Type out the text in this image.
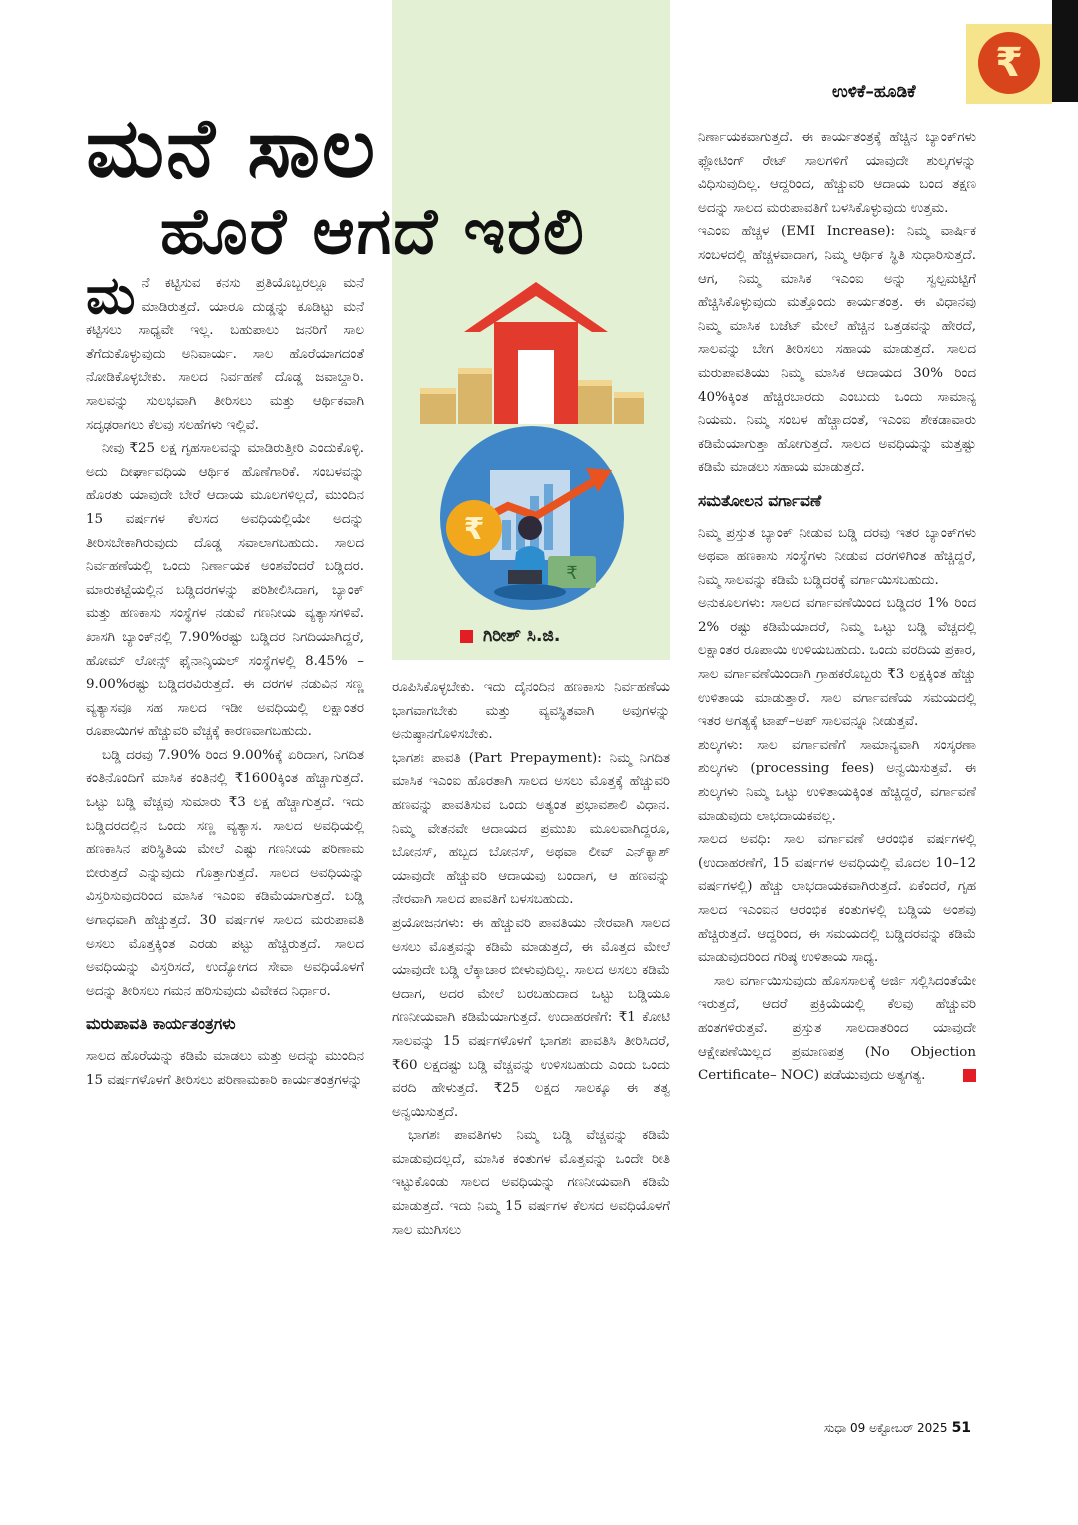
₹
ಉಳಿಕೆ–ಹೂಡಿಕೆ
ಮನೆ ಸಾಲ
ಹೊರೆ ಆಗದೆ ಇರಲಿ
₹
₹
ಗಿರೀಶ್ ಸಿ.ಜಿ.

ಮನೆ ಕಟ್ಟಿಸುವ ಕನಸು ಪ್ರತಿಯೊಬ್ಬರಲ್ಲೂ ಮನೆ ಮಾಡಿರುತ್ತದೆ. ಯಾರೂ ದುಡ್ಡನ್ನು ಕೂಡಿಟ್ಟು ಮನೆ ಕಟ್ಟಿಸಲು ಸಾಧ್ಯವೇ ಇಲ್ಲ. ಬಹುಪಾಲು ಜನರಿಗೆ ಸಾಲ ತೆಗೆದುಕೊಳ್ಳುವುದು ಅನಿವಾರ್ಯ. ಸಾಲ ಹೊರೆಯಾಗದಂತೆ ನೋಡಿಕೊಳ್ಳಬೇಕು. ಸಾಲದ ನಿರ್ವಹಣೆ ದೊಡ್ಡ ಜವಾಬ್ದಾರಿ. ಸಾಲವನ್ನು ಸುಲಭವಾಗಿ ತೀರಿಸಲು ಮತ್ತು ಆರ್ಥಿಕವಾಗಿ ಸದೃಢರಾಗಲು ಕೆಲವು ಸಲಹೆಗಳು ಇಲ್ಲಿವೆ.

ನೀವು ₹25 ಲಕ್ಷ ಗೃಹಸಾಲವನ್ನು ಮಾಡಿರುತ್ತೀರಿ ಎಂದುಕೊಳ್ಳಿ. ಅದು ದೀರ್ಘಾವಧಿಯ ಆರ್ಥಿಕ ಹೊಣೆಗಾರಿಕೆ. ಸಂಬಳವನ್ನು ಹೊರತು ಯಾವುದೇ ಬೇರೆ ಆದಾಯ ಮೂಲಗಳಿಲ್ಲದೆ, ಮುಂದಿನ 15 ವರ್ಷಗಳ ಕೆಲಸದ ಅವಧಿಯಲ್ಲಿಯೇ ಅದನ್ನು ತೀರಿಸಬೇಕಾಗಿರುವುದು ದೊಡ್ಡ ಸವಾಲಾಗಬಹುದು. ಸಾಲದ ನಿರ್ವಹಣೆಯಲ್ಲಿ ಒಂದು ನಿರ್ಣಾಯಕ ಅಂಶವೆಂದರೆ ಬಡ್ಡಿದರ. ಮಾರುಕಟ್ಟೆಯಲ್ಲಿನ ಬಡ್ಡಿದರಗಳನ್ನು ಪರಿಶೀಲಿಸಿದಾಗ, ಬ್ಯಾಂಕ್ ಮತ್ತು ಹಣಕಾಸು ಸಂಸ್ಥೆಗಳ ನಡುವೆ ಗಣನೀಯ ವ್ಯತ್ಯಾಸಗಳಿವೆ. ಖಾಸಗಿ ಬ್ಯಾಂಕ್‌ನಲ್ಲಿ 7.90%ರಷ್ಟು ಬಡ್ಡಿದರ ನಿಗದಿಯಾಗಿದ್ದರೆ, ಹೋಮ್ ಲೋನ್ಸ್ ಫೈನಾನ್ಶಿಯಲ್ ಸಂಸ್ಥೆಗಳಲ್ಲಿ 8.45% –9.00%ರಷ್ಟು ಬಡ್ಡಿದರವಿರುತ್ತದೆ. ಈ ದರಗಳ ನಡುವಿನ ಸಣ್ಣ ವ್ಯತ್ಯಾಸವೂ ಸಹ ಸಾಲದ ಇಡೀ ಅವಧಿಯಲ್ಲಿ ಲಕ್ಷಾಂತರ ರೂಪಾಯಿಗಳ ಹೆಚ್ಚುವರಿ ವೆಚ್ಚಕ್ಕೆ ಕಾರಣವಾಗಬಹುದು.

ಬಡ್ಡಿ ದರವು 7.90% ರಿಂದ 9.00%ಕ್ಕೆ ಏರಿದಾಗ, ನಿಗದಿತ ಕಂತಿನೊಂದಿಗೆ ಮಾಸಿಕ ಕಂತಿನಲ್ಲಿ ₹1600ಕ್ಕಿಂತ ಹೆಚ್ಚಾಗುತ್ತದೆ. ಒಟ್ಟು ಬಡ್ಡಿ ವೆಚ್ಚವು ಸುಮಾರು ₹3 ಲಕ್ಷ ಹೆಚ್ಚಾಗುತ್ತದೆ. ಇದು ಬಡ್ಡಿದರದಲ್ಲಿನ ಒಂದು ಸಣ್ಣ ವ್ಯತ್ಯಾಸ. ಸಾಲದ ಅವಧಿಯಲ್ಲಿ ಹಣಕಾಸಿನ ಪರಿಸ್ಥಿತಿಯ ಮೇಲೆ ಎಷ್ಟು ಗಣನೀಯ ಪರಿಣಾಮ ಬೀರುತ್ತದೆ ಎನ್ನುವುದು ಗೊತ್ತಾಗುತ್ತದೆ. ಸಾಲದ ಅವಧಿಯನ್ನು ವಿಸ್ತರಿಸುವುದರಿಂದ ಮಾಸಿಕ ಇಎಂಐ ಕಡಿಮೆಯಾಗುತ್ತದೆ. ಬಡ್ಡಿ ಅಗಾಧವಾಗಿ ಹೆಚ್ಚುತ್ತದೆ. 30 ವರ್ಷಗಳ ಸಾಲದ ಮರುಪಾವತಿ ಅಸಲು ಮೊತ್ತಕ್ಕಿಂತ ಎರಡು ಪಟ್ಟು ಹೆಚ್ಚಿರುತ್ತದೆ. ಸಾಲದ ಅವಧಿಯನ್ನು ವಿಸ್ತರಿಸದೆ, ಉದ್ಯೋಗದ ಸೇವಾ ಅವಧಿಯೊಳಗೆ ಅದನ್ನು ತೀರಿಸಲು ಗಮನ ಹರಿಸುವುದು ವಿವೇಕದ ನಿರ್ಧಾರ.

ಮರುಪಾವತಿ ಕಾರ್ಯತಂತ್ರಗಳು

ಸಾಲದ ಹೊರೆಯನ್ನು ಕಡಿಮೆ ಮಾಡಲು ಮತ್ತು ಅದನ್ನು ಮುಂದಿನ 15 ವರ್ಷಗಳೊಳಗೆ ತೀರಿಸಲು ಪರಿಣಾಮಕಾರಿ ಕಾರ್ಯತಂತ್ರಗಳನ್ನು

ರೂಪಿಸಿಕೊಳ್ಳಬೇಕು. ಇದು ದೈನಂದಿನ ಹಣಕಾಸು ನಿರ್ವಹಣೆಯ ಭಾಗವಾಗಬೇಕು ಮತ್ತು ವ್ಯವಸ್ಥಿತವಾಗಿ ಅವುಗಳನ್ನು ಅನುಷ್ಠಾನಗೊಳಿಸಬೇಕು.

ಭಾಗಶಃ ಪಾವತಿ (Part Prepayment): ನಿಮ್ಮ ನಿಗದಿತ ಮಾಸಿಕ ಇಎಂಐ ಹೊರತಾಗಿ ಸಾಲದ ಅಸಲು ಮೊತ್ತಕ್ಕೆ ಹೆಚ್ಚುವರಿ ಹಣವನ್ನು ಪಾವತಿಸುವ ಒಂದು ಅತ್ಯಂತ ಪ್ರಭಾವಶಾಲಿ ವಿಧಾನ. ನಿಮ್ಮ ವೇತನವೇ ಆದಾಯದ ಪ್ರಮುಖ ಮೂಲವಾಗಿದ್ದರೂ, ಬೋನಸ್, ಹಬ್ಬದ ಬೋನಸ್, ಅಥವಾ ಲೀವ್ ಎನ್‌ಕ್ಯಾಶ್ ಯಾವುದೇ ಹೆಚ್ಚುವರಿ ಆದಾಯವು ಬಂದಾಗ, ಆ ಹಣವನ್ನು ನೇರವಾಗಿ ಸಾಲದ ಪಾವತಿಗೆ ಬಳಸಬಹುದು.

ಪ್ರಯೋಜನಗಳು: ಈ ಹೆಚ್ಚುವರಿ ಪಾವತಿಯು ನೇರವಾಗಿ ಸಾಲದ ಅಸಲು ಮೊತ್ತವನ್ನು ಕಡಿಮೆ ಮಾಡುತ್ತದೆ, ಈ ಮೊತ್ತದ ಮೇಲೆ ಯಾವುದೇ ಬಡ್ಡಿ ಲೆಕ್ಕಾಚಾರ ಬೀಳುವುದಿಲ್ಲ. ಸಾಲದ ಅಸಲು ಕಡಿಮೆ ಆದಾಗ, ಅದರ ಮೇಲೆ ಬರಬಹುದಾದ ಒಟ್ಟು ಬಡ್ಡಿಯೂ ಗಣನೀಯವಾಗಿ ಕಡಿಮೆಯಾಗುತ್ತದೆ. ಉದಾಹರಣೆಗೆ: ₹1 ಕೋಟಿ ಸಾಲವನ್ನು 15 ವರ್ಷಗಳೊಳಗೆ ಭಾಗಶಃ ಪಾವತಿಸಿ ತೀರಿಸಿದರೆ, ₹60 ಲಕ್ಷದಷ್ಟು ಬಡ್ಡಿ ವೆಚ್ಚವನ್ನು ಉಳಿಸಬಹುದು ಎಂದು ಒಂದು ವರದಿ ಹೇಳುತ್ತದೆ. ₹25 ಲಕ್ಷದ ಸಾಲಕ್ಕೂ ಈ ತತ್ವ ಅನ್ವಯಿಸುತ್ತದೆ.

ಭಾಗಶಃ ಪಾವತಿಗಳು ನಿಮ್ಮ ಬಡ್ಡಿ ವೆಚ್ಚವನ್ನು ಕಡಿಮೆ ಮಾಡುವುದಲ್ಲದೆ, ಮಾಸಿಕ ಕಂತುಗಳ ಮೊತ್ತವನ್ನು ಒಂದೇ ರೀತಿ ಇಟ್ಟುಕೊಂಡು ಸಾಲದ ಅವಧಿಯನ್ನು ಗಣನೀಯವಾಗಿ ಕಡಿಮೆ ಮಾಡುತ್ತದೆ. ಇದು ನಿಮ್ಮ 15 ವರ್ಷಗಳ ಕೆಲಸದ ಅವಧಿಯೊಳಗೆ ಸಾಲ ಮುಗಿಸಲು

ನಿರ್ಣಾಯಕವಾಗುತ್ತದೆ. ಈ ಕಾರ್ಯತಂತ್ರಕ್ಕೆ ಹೆಚ್ಚಿನ ಬ್ಯಾಂಕ್‌ಗಳು ಫ್ಲೋಟಿಂಗ್ ರೇಟ್ ಸಾಲಗಳಿಗೆ ಯಾವುದೇ ಶುಲ್ಕಗಳನ್ನು ವಿಧಿಸುವುದಿಲ್ಲ. ಆದ್ದರಿಂದ, ಹೆಚ್ಚುವರಿ ಆದಾಯ ಬಂದ ತಕ್ಷಣ ಅದನ್ನು ಸಾಲದ ಮರುಪಾವತಿಗೆ ಬಳಸಿಕೊಳ್ಳುವುದು ಉತ್ತಮ.

ಇಎಂಐ ಹೆಚ್ಚಳ (EMI Increase): ನಿಮ್ಮ ವಾರ್ಷಿಕ ಸಂಬಳದಲ್ಲಿ ಹೆಚ್ಚಳವಾದಾಗ, ನಿಮ್ಮ ಆರ್ಥಿಕ ಸ್ಥಿತಿ ಸುಧಾರಿಸುತ್ತದೆ. ಆಗ, ನಿಮ್ಮ ಮಾಸಿಕ ಇಎಂಐ ಅನ್ನು ಸ್ವಲ್ಪಮಟ್ಟಿಗೆ ಹೆಚ್ಚಿಸಿಕೊಳ್ಳುವುದು ಮತ್ತೊಂದು ಕಾರ್ಯತಂತ್ರ. ಈ ವಿಧಾನವು ನಿಮ್ಮ ಮಾಸಿಕ ಬಜೆಟ್ ಮೇಲೆ ಹೆಚ್ಚಿನ ಒತ್ತಡವನ್ನು ಹೇರದೆ, ಸಾಲವನ್ನು ಬೇಗ ತೀರಿಸಲು ಸಹಾಯ ಮಾಡುತ್ತದೆ. ಸಾಲದ ಮರುಪಾವತಿಯು ನಿಮ್ಮ ಮಾಸಿಕ ಆದಾಯದ 30% ರಿಂದ 40%ಕ್ಕಿಂತ ಹೆಚ್ಚಿರಬಾರದು ಎಂಬುದು ಒಂದು ಸಾಮಾನ್ಯ ನಿಯಮ. ನಿಮ್ಮ ಸಂಬಳ ಹೆಚ್ಚಾದಂತೆ, ಇಎಂಐ ಶೇಕಡಾವಾರು ಕಡಿಮೆಯಾಗುತ್ತಾ ಹೋಗುತ್ತದೆ. ಸಾಲದ ಅವಧಿಯನ್ನು ಮತ್ತಷ್ಟು ಕಡಿಮೆ ಮಾಡಲು ಸಹಾಯ ಮಾಡುತ್ತದೆ.

ಸಮತೋಲನ ವರ್ಗಾವಣೆ

ನಿಮ್ಮ ಪ್ರಸ್ತುತ ಬ್ಯಾಂಕ್ ನೀಡುವ ಬಡ್ಡಿ ದರವು ಇತರ ಬ್ಯಾಂಕ್‌ಗಳು ಅಥವಾ ಹಣಕಾಸು ಸಂಸ್ಥೆಗಳು ನೀಡುವ ದರಗಳಿಗಿಂತ ಹೆಚ್ಚಿದ್ದರೆ, ನಿಮ್ಮ ಸಾಲವನ್ನು ಕಡಿಮೆ ಬಡ್ಡಿದರಕ್ಕೆ ವರ್ಗಾಯಿಸಬಹುದು.

ಅನುಕೂಲಗಳು: ಸಾಲದ ವರ್ಗಾವಣೆಯಿಂದ ಬಡ್ಡಿದರ 1% ರಿಂದ 2% ರಷ್ಟು ಕಡಿಮೆಯಾದರೆ, ನಿಮ್ಮ ಒಟ್ಟು ಬಡ್ಡಿ ವೆಚ್ಚದಲ್ಲಿ ಲಕ್ಷಾಂತರ ರೂಪಾಯಿ ಉಳಿಯಬಹುದು. ಒಂದು ವರದಿಯ ಪ್ರಕಾರ, ಸಾಲ ವರ್ಗಾವಣೆಯಿಂದಾಗಿ ಗ್ರಾಹಕರೊಬ್ಬರು ₹3 ಲಕ್ಷಕ್ಕಿಂತ ಹೆಚ್ಚು ಉಳಿತಾಯ ಮಾಡುತ್ತಾರೆ. ಸಾಲ ವರ್ಗಾವಣೆಯ ಸಮಯದಲ್ಲಿ ಇತರ ಅಗತ್ಯಕ್ಕೆ ಟಾಪ್–ಅಪ್ ಸಾಲವನ್ನೂ ನೀಡುತ್ತವೆ.

ಶುಲ್ಕಗಳು: ಸಾಲ ವರ್ಗಾವಣೆಗೆ ಸಾಮಾನ್ಯವಾಗಿ ಸಂಸ್ಕರಣಾ ಶುಲ್ಕಗಳು (processing fees) ಅನ್ವಯಿಸುತ್ತವೆ. ಈ ಶುಲ್ಕಗಳು ನಿಮ್ಮ ಒಟ್ಟು ಉಳಿತಾಯಕ್ಕಿಂತ ಹೆಚ್ಚಿದ್ದರೆ, ವರ್ಗಾವಣೆ ಮಾಡುವುದು ಲಾಭದಾಯಕವಲ್ಲ.

ಸಾಲದ ಅವಧಿ: ಸಾಲ ವರ್ಗಾವಣೆ ಆರಂಭಿಕ ವರ್ಷಗಳಲ್ಲಿ (ಉದಾಹರಣೆಗೆ, 15 ವರ್ಷಗಳ ಅವಧಿಯಲ್ಲಿ ಮೊದಲ 10–12 ವರ್ಷಗಳಲ್ಲಿ) ಹೆಚ್ಚು ಲಾಭದಾಯಕವಾಗಿರುತ್ತದೆ. ಏಕೆಂದರೆ, ಗೃಹ ಸಾಲದ ಇಎಂಐನ ಆರಂಭಿಕ ಕಂತುಗಳಲ್ಲಿ ಬಡ್ಡಿಯ ಅಂಶವು ಹೆಚ್ಚಿರುತ್ತದೆ. ಆದ್ದರಿಂದ, ಈ ಸಮಯದಲ್ಲಿ ಬಡ್ಡಿದರವನ್ನು ಕಡಿಮೆ ಮಾಡುವುದರಿಂದ ಗರಿಷ್ಠ ಉಳಿತಾಯ ಸಾಧ್ಯ.

ಸಾಲ ವರ್ಗಾಯಿಸುವುದು ಹೊಸಸಾಲಕ್ಕೆ ಅರ್ಜಿ ಸಲ್ಲಿಸಿದಂತೆಯೇ ಇರುತ್ತದೆ, ಆದರೆ ಪ್ರಕ್ರಿಯೆಯಲ್ಲಿ ಕೆಲವು ಹೆಚ್ಚುವರಿ ಹಂತಗಳಿರುತ್ತವೆ. ಪ್ರಸ್ತುತ ಸಾಲದಾತರಿಂದ ಯಾವುದೇ ಆಕ್ಷೇಪಣೆಯಿಲ್ಲದ ಪ್ರಮಾಣಪತ್ರ (No Objection Certificate– NOC) ಪಡೆಯುವುದು ಅತ್ಯಗತ್ಯ.

ಸುಧಾ 09 ಅಕ್ಟೋಬರ್ 2025 51
